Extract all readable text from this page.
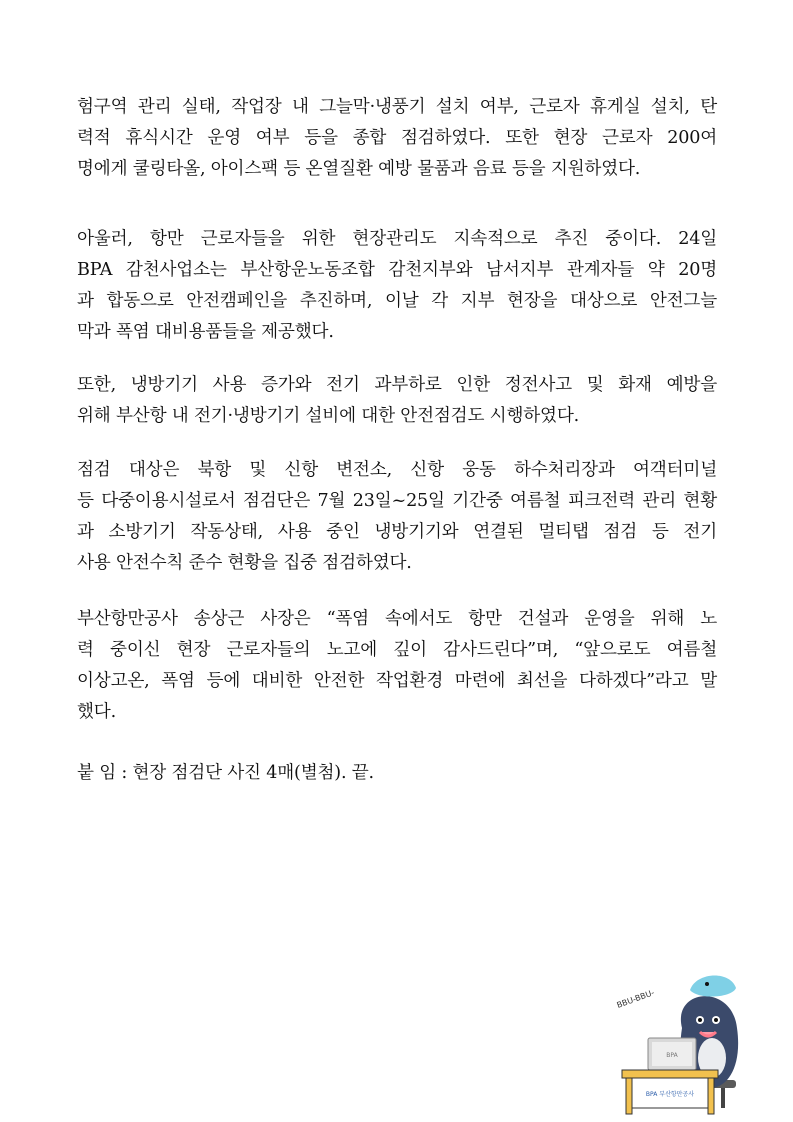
험구역 관리 실태, 작업장 내 그늘막·냉풍기 설치 여부, 근로자 휴게실 설치, 탄
력적 휴식시간 운영 여부 등을 종합 점검하였다. 또한 현장 근로자 200여
명에게 쿨링타올, 아이스팩 등 온열질환 예방 물품과 음료 등을 지원하였다.
아울러, 항만 근로자들을 위한 현장관리도 지속적으로 추진 중이다. 24일
BPA 감천사업소는 부산항운노동조합 감천지부와 남서지부 관계자들 약 20명
과 합동으로 안전캠페인을 추진하며, 이날 각 지부 현장을 대상으로 안전그늘
막과 폭염 대비용품들을 제공했다.
또한, 냉방기기 사용 증가와 전기 과부하로 인한 정전사고 및 화재 예방을
위해 부산항 내 전기·냉방기기 설비에 대한 안전점검도 시행하였다.
점검 대상은 북항 및 신항 변전소, 신항 웅동 하수처리장과 여객터미널
등 다중이용시설로서 점검단은 7월 23일~25일 기간중 여름철 피크전력 관리 현황
과 소방기기 작동상태, 사용 중인 냉방기기와 연결된 멀티탭 점검 등 전기
사용 안전수칙 준수 현황을 집중 점검하였다.
부산항만공사 송상근 사장은 “폭염 속에서도 항만 건설과 운영을 위해 노
력 중이신 현장 근로자들의 노고에 깊이 감사드린다”며, “앞으로도 여름철
이상고온, 폭염 등에 대비한 안전한 작업환경 마련에 최선을 다하겠다”라고 말
했다.
붙 임 : 현장 점검단 사진 4매(별첨). 끝.
BBU-BBU-
BPA
BPA 부산항만공사
